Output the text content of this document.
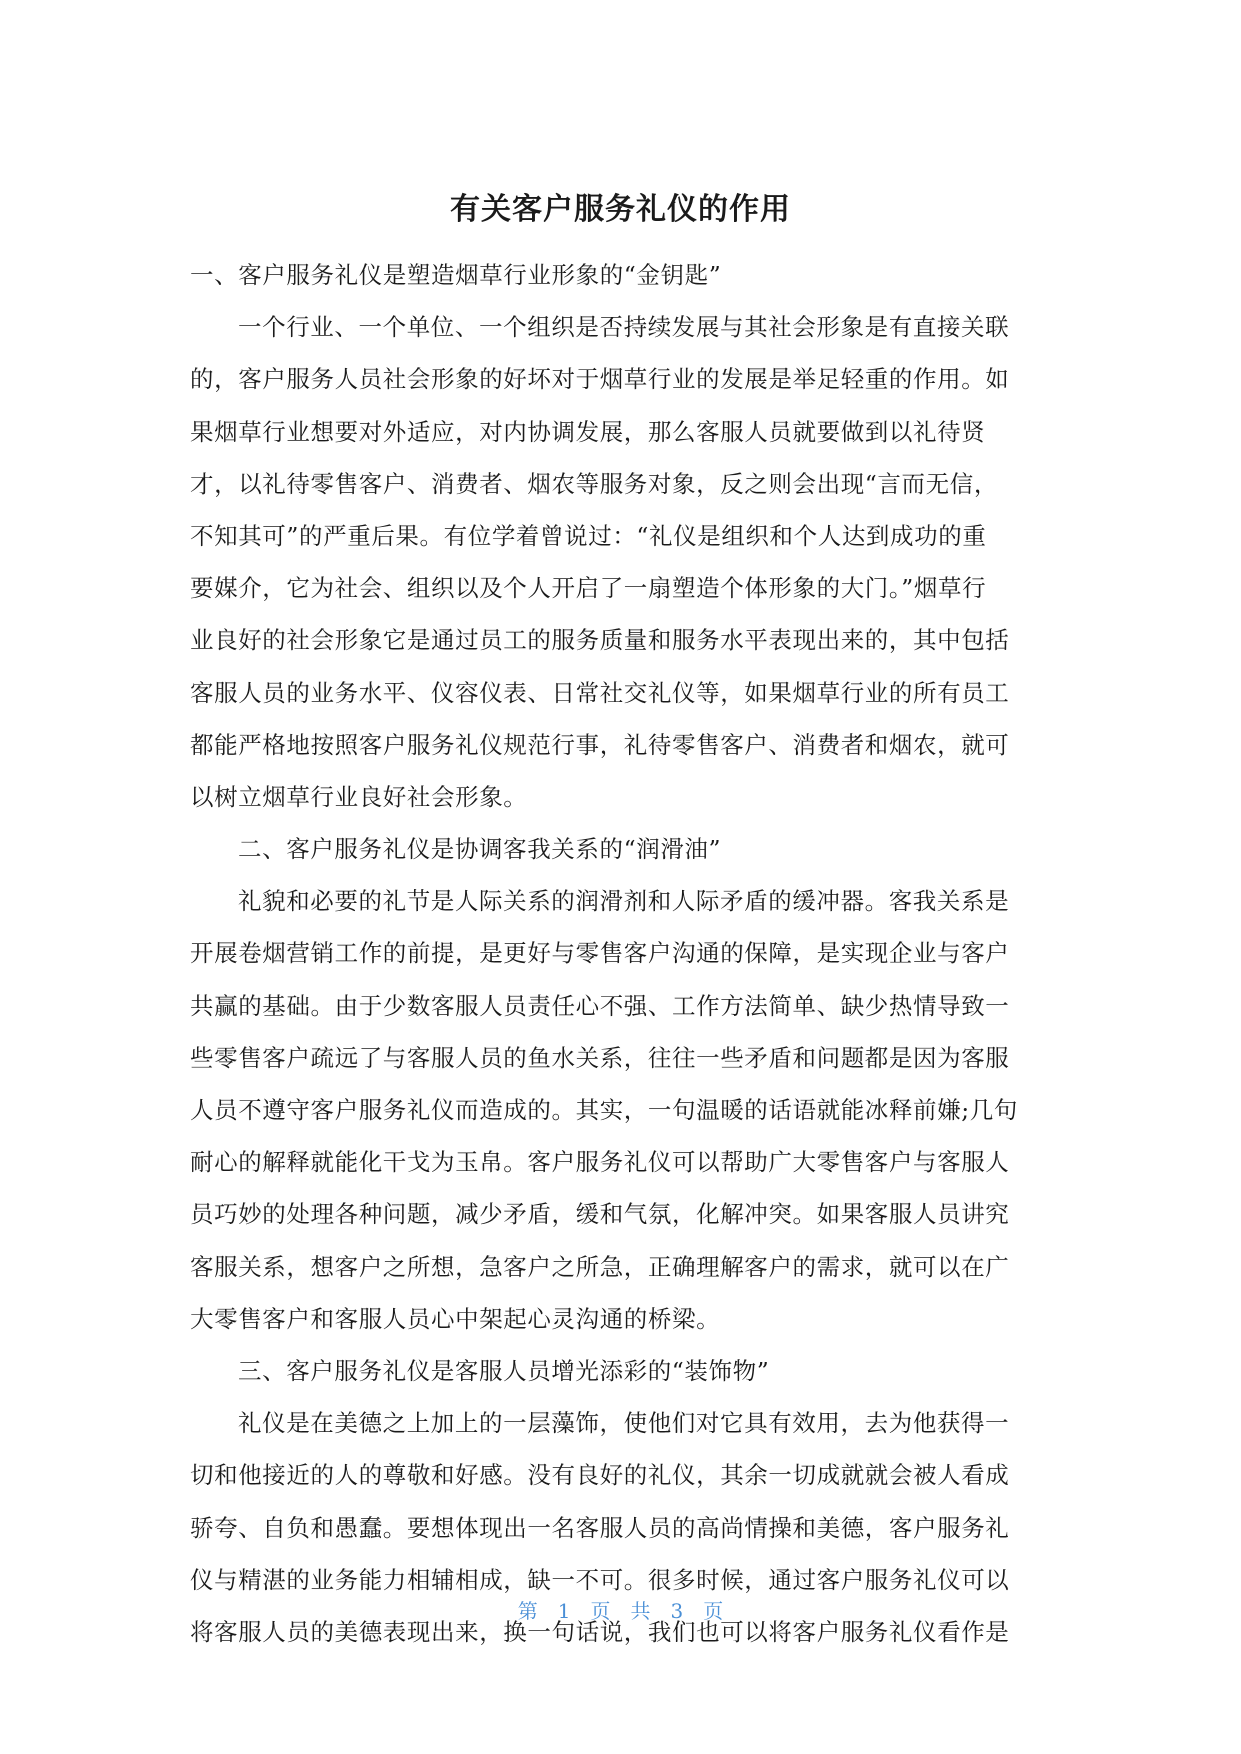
有关客户服务礼仪的作用
一、客户服务礼仪是塑造烟草行业形象的“金钥匙”
一个行业、一个单位、一个组织是否持续发展与其社会形象是有直接关联
的，客户服务人员社会形象的好坏对于烟草行业的发展是举足轻重的作用。如
果烟草行业想要对外适应，对内协调发展，那么客服人员就要做到以礼待贤
才，以礼待零售客户、消费者、烟农等服务对象，反之则会出现“言而无信，
不知其可”的严重后果。有位学着曾说过：“礼仪是组织和个人达到成功的重
要媒介，它为社会、组织以及个人开启了一扇塑造个体形象的大门。”烟草行
业良好的社会形象它是通过员工的服务质量和服务水平表现出来的，其中包括
客服人员的业务水平、仪容仪表、日常社交礼仪等，如果烟草行业的所有员工
都能严格地按照客户服务礼仪规范行事，礼待零售客户、消费者和烟农，就可
以树立烟草行业良好社会形象。
二、客户服务礼仪是协调客我关系的“润滑油”
礼貌和必要的礼节是人际关系的润滑剂和人际矛盾的缓冲器。客我关系是
开展卷烟营销工作的前提，是更好与零售客户沟通的保障，是实现企业与客户
共赢的基础。由于少数客服人员责任心不强、工作方法简单、缺少热情导致一
些零售客户疏远了与客服人员的鱼水关系，往往一些矛盾和问题都是因为客服
人员不遵守客户服务礼仪而造成的。其实，一句温暖的话语就能冰释前嫌;几句
耐心的解释就能化干戈为玉帛。客户服务礼仪可以帮助广大零售客户与客服人
员巧妙的处理各种问题，减少矛盾，缓和气氛，化解冲突。如果客服人员讲究
客服关系，想客户之所想，急客户之所急，正确理解客户的需求，就可以在广
大零售客户和客服人员心中架起心灵沟通的桥梁。
三、客户服务礼仪是客服人员增光添彩的“装饰物”
礼仪是在美德之上加上的一层藻饰，使他们对它具有效用，去为他获得一
切和他接近的人的尊敬和好感。没有良好的礼仪，其余一切成就就会被人看成
骄夸、自负和愚蠢。要想体现出一名客服人员的高尚情操和美德，客户服务礼
仪与精湛的业务能力相辅相成，缺一不可。很多时候，通过客户服务礼仪可以
将客服人员的美德表现出来，换一句话说，我们也可以将客户服务礼仪看作是
第 1 页 共 3 页
